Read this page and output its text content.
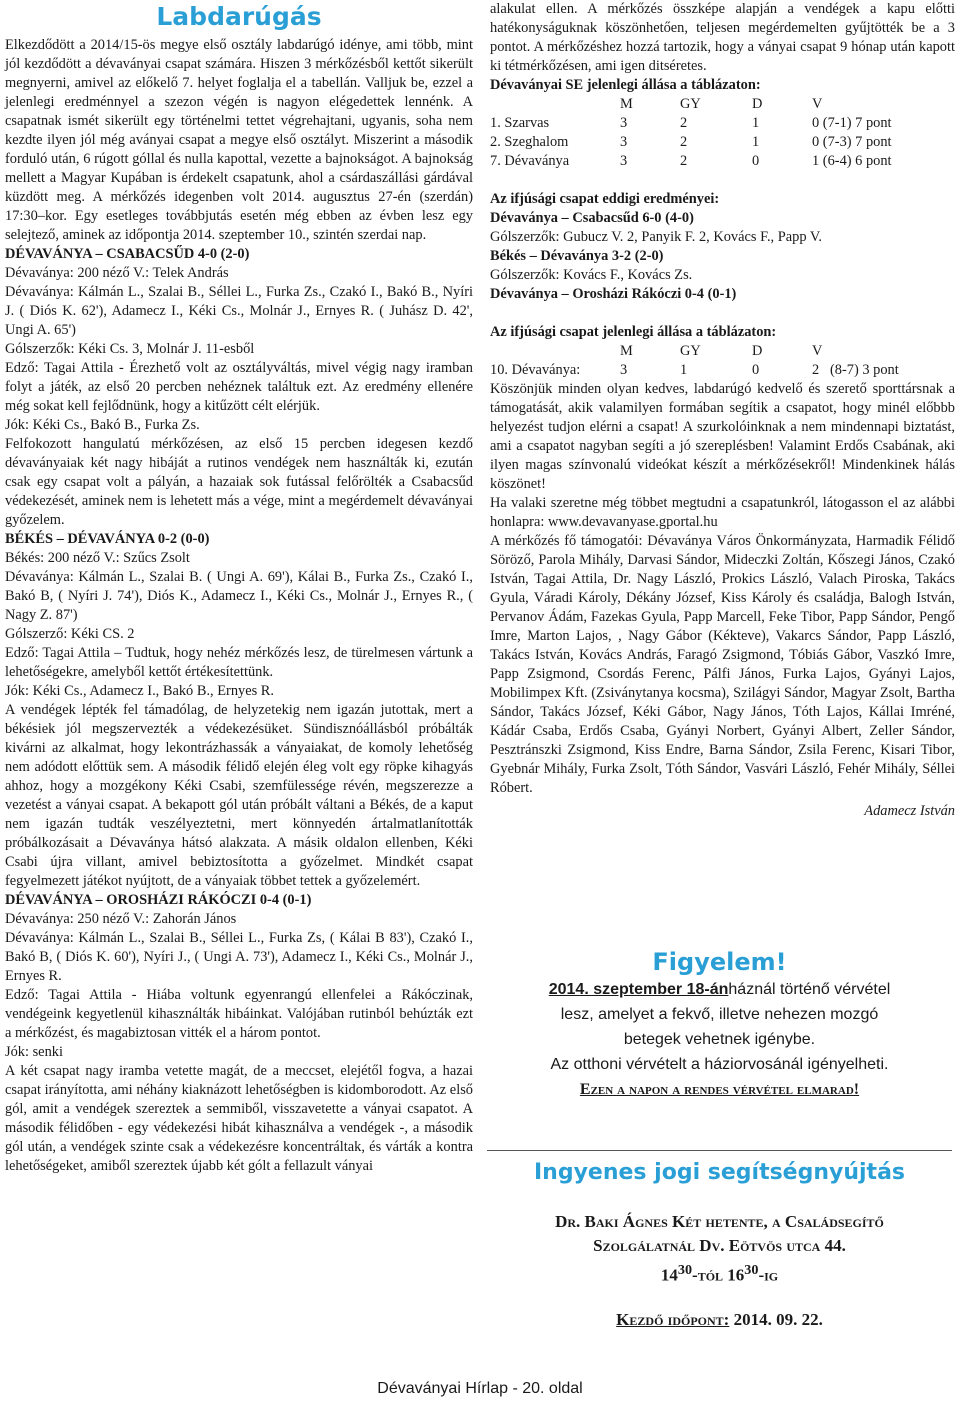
Labdarúgás

Elkezdődött a 2014/15-ös megye első osztály labdarúgó idénye, ami több, mint jól kezdődött a dévaványai csapat számára. Hiszen 3 mérkőzésből kettőt sikerült megnyerni, amivel az előkelő 7. helyet foglalja el a tabellán. Valljuk be, ezzel a jelenlegi eredménnyel a szezon végén is nagyon elégedettek lennénk. A csapatnak ismét sikerült egy történelmi tettet végrehajtani, ugyanis, soha nem kezdte ilyen jól még aványai csapat a megye első osztályt. Miszerint a második forduló után, 6 rúgott góllal és nulla kapottal, vezette a bajnokságot. A bajnokság mellett a Magyar Kupában is érdekelt csapatunk, ahol a csárdaszállási gárdával küzdött meg. A mérkőzés idegenben volt 2014. augusztus 27-én (szerdán) 17:30–kor. Egy esetleges továbbjutás esetén még ebben az évben lesz egy selejtező, aminek az időpontja 2014. szeptember 10., szintén szerdai nap.

DÉVAVÁNYA – CSABACSŰD 4-0 (2-0)

Dévaványa: 200 néző V.: Telek András

Dévaványa: Kálmán L., Szalai B., Séllei L., Furka Zs., Czakó I., Bakó B., Nyíri J. ( Diós K. 62'), Adamecz I., Kéki Cs., Molnár J., Ernyes R. ( Juhász D. 42', Ungi A. 65')

Gólszerzők: Kéki Cs. 3, Molnár J. 11-esből

Edző: Tagai Attila - Érezhető volt az osztályváltás, mivel végig nagy iramban folyt a játék, az első 20 percben nehéznek találtuk ezt. Az eredmény ellenére még sokat kell fejlődnünk, hogy a kitűzött célt elérjük.

Jók: Kéki Cs., Bakó B., Furka Zs.

Felfokozott hangulatú mérkőzésen, az első 15 percben idegesen kezdő dévaványaiak két nagy hibáját a rutinos vendégek nem használták ki, ezután csak egy csapat volt a pályán, a hazaiak sok futással felőrölték a Csabacsűd védekezését, aminek nem is lehetett más a vége, mint a megérdemelt dévaványai győzelem.

BÉKÉS – DÉVAVÁNYA 0-2 (0-0)

Békés: 200 néző V.: Szűcs Zsolt

Dévaványa: Kálmán L., Szalai B. ( Ungi A. 69'), Kálai B., Furka Zs., Czakó I., Bakó B, ( Nyíri J. 74'), Diós K., Adamecz I., Kéki Cs., Molnár J., Ernyes R., ( Nagy Z. 87')

Gólszerző: Kéki CS. 2

Edző: Tagai Attila – Tudtuk, hogy nehéz mérkőzés lesz, de türelmesen vártunk a lehetőségekre, amelyből kettőt értékesítettünk.

Jók: Kéki Cs., Adamecz I., Bakó B., Ernyes R.

A vendégek lépték fel támadólag, de helyzetekig nem igazán jutottak, mert a békésiek jól megszervezték a védekezésüket. Sündisznóállásból próbálták kivárni az alkalmat, hogy lekontrázhassák a ványaiakat, de komoly lehetőség nem adódott előttük sem. A második félidő elején éleg volt egy röpke kihagyás ahhoz, hogy a mozgékony Kéki Csabi, szemfülessége révén, megszerezze a vezetést a ványai csapat. A bekapott gól után próbált váltani a Békés, de a kaput nem igazán tudták veszélyeztetni, mert könnyedén ártalmatlanították próbálkozásait a Dévaványa hátsó alakzata. A másik oldalon ellenben, Kéki Csabi újra villant, amivel bebiztosította a győzelmet. Mindkét csapat fegyelmezett játékot nyújtott, de a ványaiak többet tettek a győzelemért.

DÉVAVÁNYA – OROSHÁZI RÁKÓCZI 0-4 (0-1)

Dévaványa: 250 néző V.: Zahorán János

Dévaványa: Kálmán L., Szalai B., Séllei L., Furka Zs, ( Kálai B 83'), Czakó I., Bakó B, ( Diós K. 60'), Nyíri J., ( Ungi A. 73'), Adamecz I., Kéki Cs., Molnár J., Ernyes R.

Edző: Tagai Attila - Hiába voltunk egyenrangú ellenfelei a Rákóczinak, vendégeink kegyetlenül kihasználták hibáinkat. Valójában rutinból behúzták ezt a mérkőzést, és magabiztosan vitték el a három pontot.

Jók: senki

A két csapat nagy iramba vetette magát, de a meccset, elejétől fogva, a hazai csapat irányította, ami néhány kiaknázott lehetőségben is kidomborodott. Az első gól, amit a vendégek szereztek a semmiből, visszavetette a ványai csapatot. A második félidőben - egy védekezési hibát kihasználva a vendégek -, a második gól után, a vendégek szinte csak a védekezésre koncentráltak, és várták a kontra lehetőségeket, amiből szereztek újabb két gólt a fellazult ványai

alakulat ellen. A mérkőzés összképe alapján a vendégek a kapu előtti hatékonyságuknak köszönhetően, teljesen megérdemelten gyűjtötték be a 3 pontot. A mérkőzéshez hozzá tartozik, hogy a ványai csapat 9 hónap után kapott ki tétmérkőzésen, ami igen ditséretes.

Dévaványai SE jelenlegi állása a táblázaton:

	M	GY	D	V
1. Szarvas	3	2	1	0 (7-1) 7 pont
2. Szeghalom	3	2	1	0 (7-3) 7 pont
7. Dévaványa	3	2	0	1 (6-4) 6 pont

Az ifjúsági csapat eddigi eredményei:

Dévaványa – Csabacsűd 6-0 (4-0)

Gólszerzők: Gubucz V. 2, Panyik F. 2, Kovács F., Papp V.

Békés – Dévaványa 3-2 (2-0)

Gólszerzők: Kovács F., Kovács Zs.

Dévaványa – Orosházi Rákóczi 0-4 (0-1)

Az ifjúsági csapat jelenlegi állása a táblázaton:

	M	GY	D	V
10. Dévaványa:	3	1	0	2   (8-7) 3 pont

Köszönjük minden olyan kedves, labdarúgó kedvelő és szerető sporttársnak a támogatását, akik valamilyen formában segítik a csapatot, hogy minél előbbb helyezést tudjon elérni a csapat! A szurkolóinknak a nem mindennapi biztatást, ami a csapatot nagyban segíti a jó szereplésben! Valamint Erdős Csabának, aki ilyen magas színvonalú videókat készít a mérkőzésekről! Mindenkinek hálás köszönet!

Ha valaki szeretne még többet megtudni a csapatunkról, látogasson el az alábbi honlapra: www.devavanyase.gportal.hu

A mérkőzés fő támogatói: Dévaványa Város Önkormányzata, Harmadik Félidő Söröző, Parola Mihály, Darvasi Sándor, Mideczki Zoltán, Kőszegi János, Czakó István, Tagai Attila, Dr. Nagy László, Prokics László, Valach Piroska, Takács Gyula, Váradi Károly, Dékány József, Kiss Károly és családja, Balogh István, Pervanov Ádám, Fazekas Gyula, Papp Marcell, Feke Tibor, Papp Sándor, Pengő Imre, Marton Lajos, , Nagy Gábor (Kékteve), Vakarcs Sándor, Papp László, Takács István, Kovács András, Faragó Zsigmond, Tóbiás Gábor, Vaszkó Imre, Papp Zsigmond, Csordás Ferenc, Pálfi János, Furka Lajos, Gyányi Lajos, Mobilimpex Kft. (Zsiványtanya kocsma), Szilágyi Sándor, Magyar Zsolt, Bartha Sándor, Takács József, Kéki Gábor, Nagy János, Tóth Lajos, Kállai Imréné, Kádár Csaba, Erdős Csaba, Gyányi Norbert, Gyányi Albert, Zeller Sándor, Pesztránszki Zsigmond, Kiss Endre, Barna Sándor, Zsila Ferenc, Kisari Tibor, Gyebnár Mihály, Furka Zsolt, Tóth Sándor, Vasvári László, Fehér Mihály, Séllei Róbert.

Adamecz István

Figyelem!
2014. szeptember 18-ánháznál történő vérvétel
lesz, amelyet a fekvő, illetve nehezen mozgó
betegek vehetnek igénybe.
Az otthoni vérvételt a háziorvosánál igényelheti.
Ezen a napon a rendes vérvétel elmarad!
Ingyenes jogi segítségnyújtás
Dr. Baki Ágnes Két hetente, a Családsegítő
Szolgálatnál Dv. Eötvös utca 44.
$14^{30}$-tól $16^{30}-ig$
Kezdő időpont: 2014. 09. 22.
Dévaványai Hírlap - 20. oldal
